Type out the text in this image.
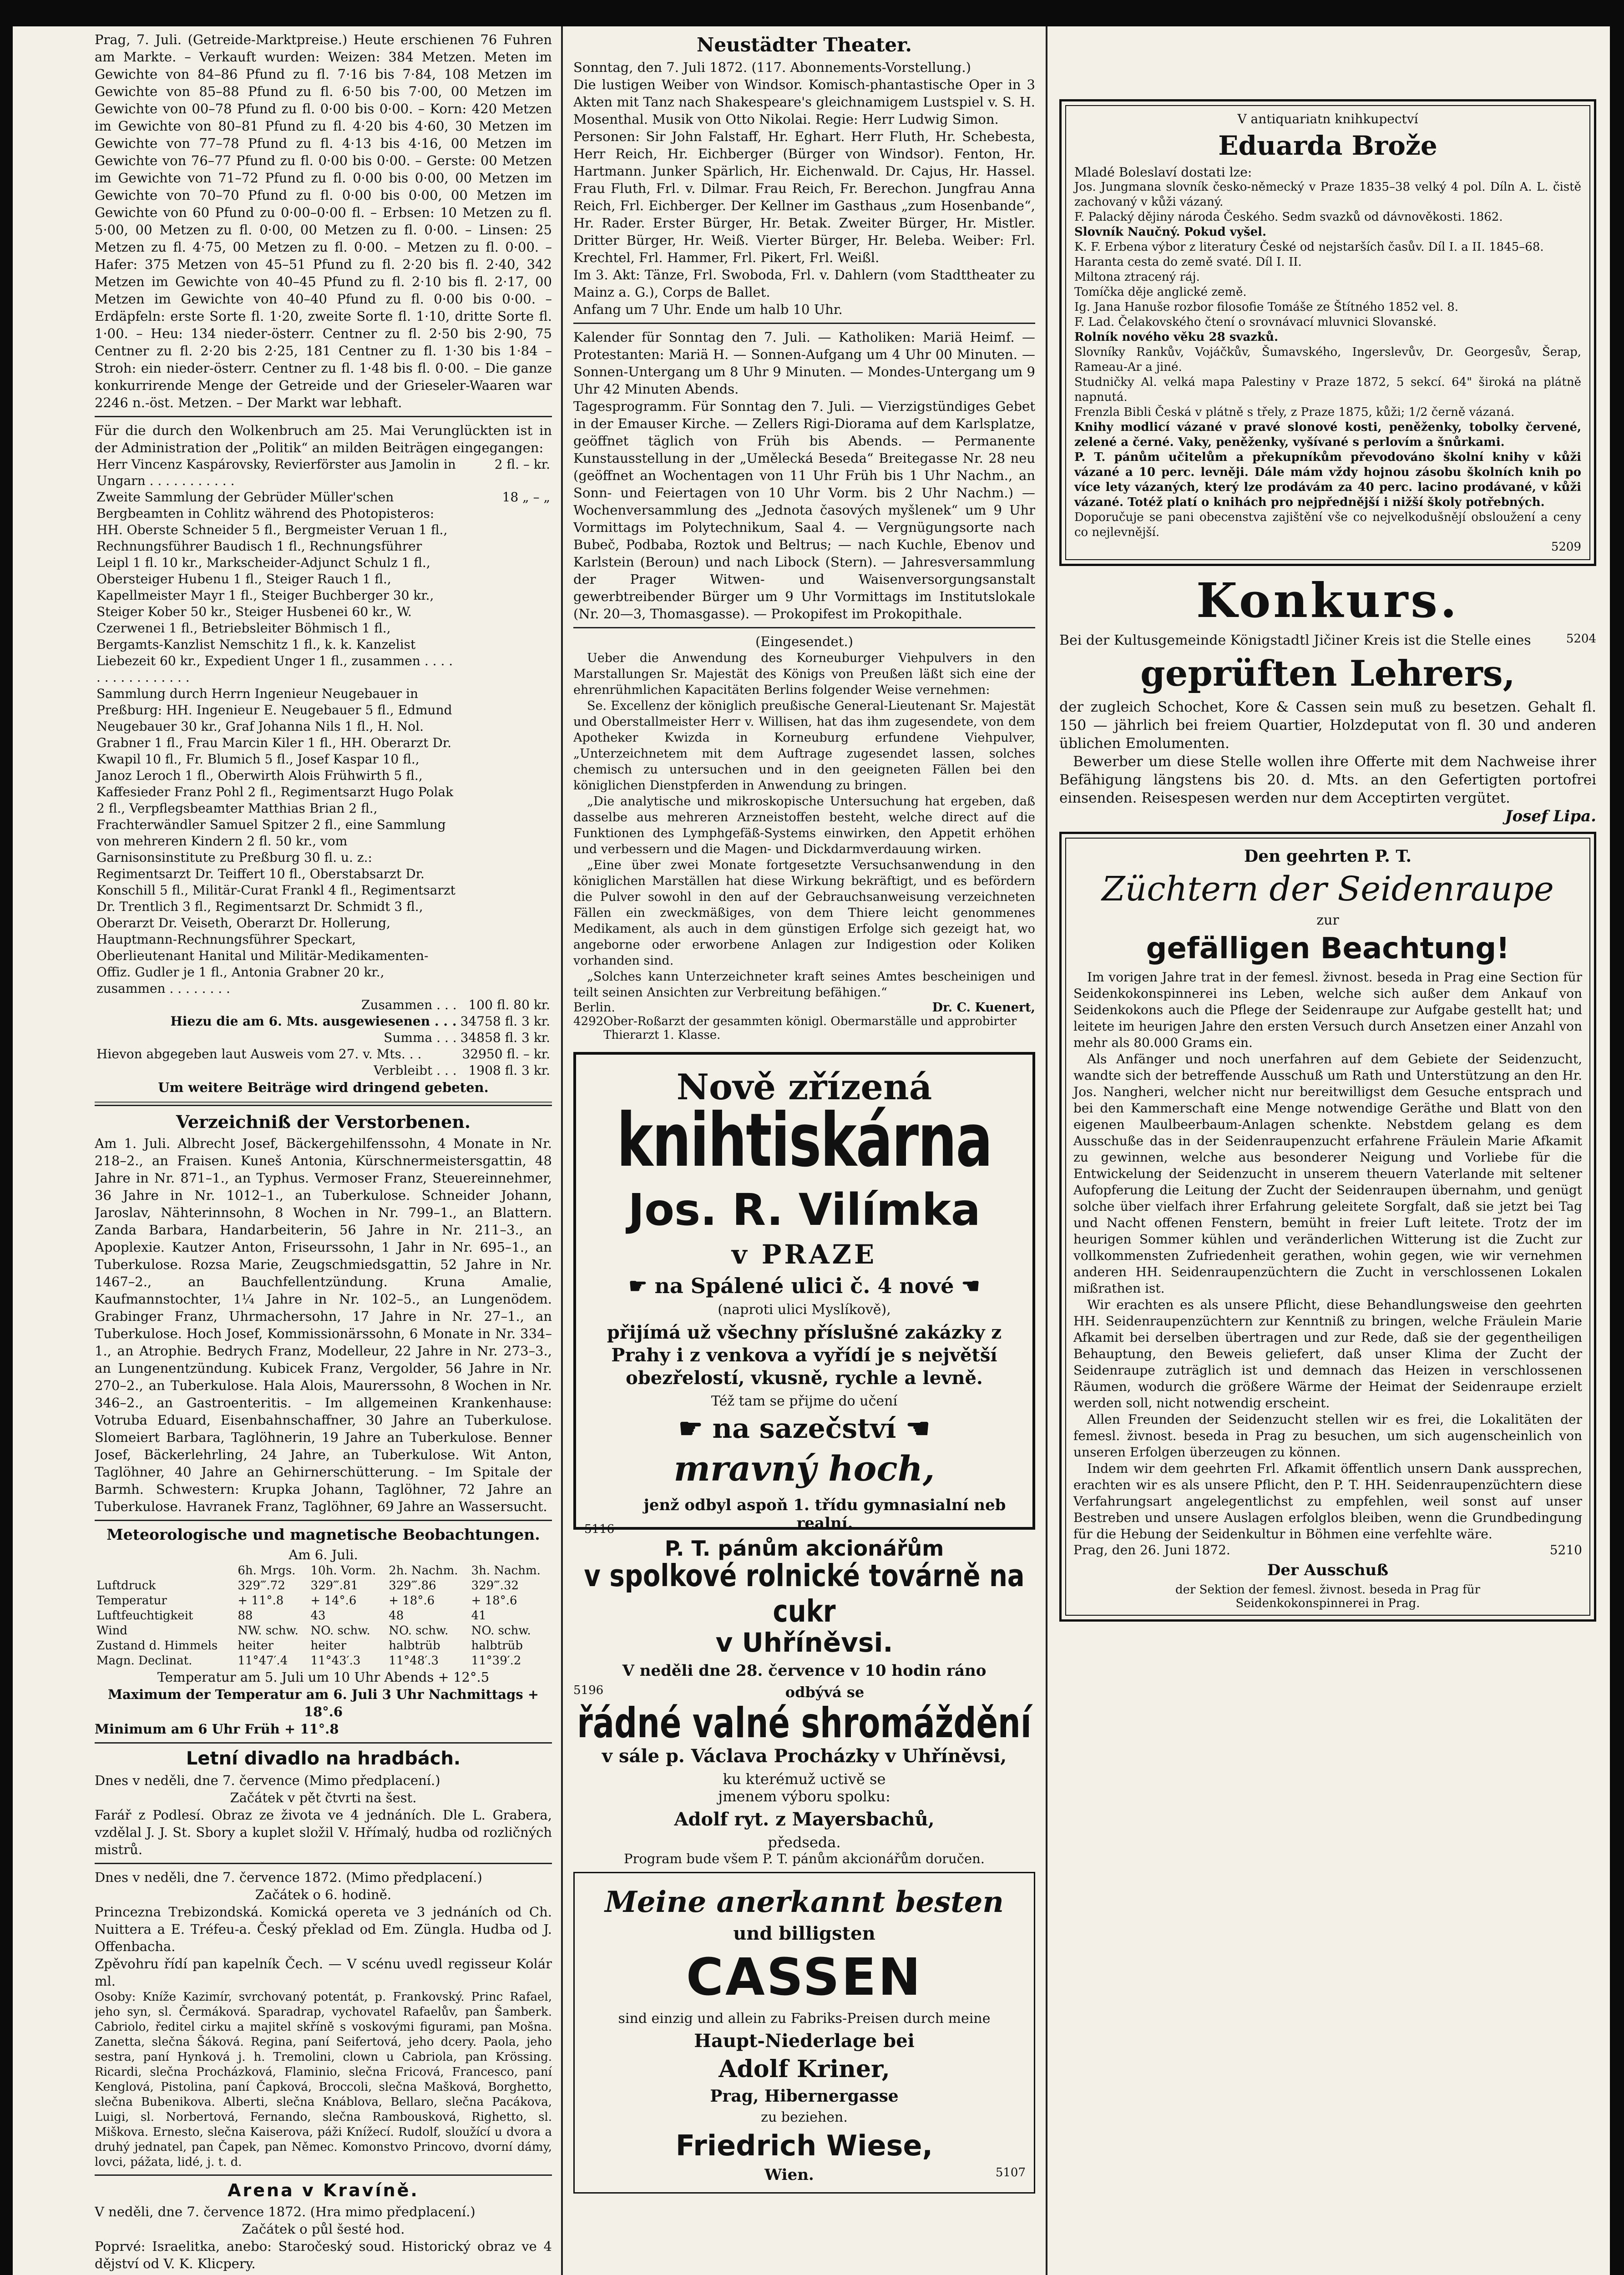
Prag, 7. Juli. (Getreide-Marktpreise.) Heute erschienen 76 Fuhren am Markte. – Verkauft wurden: Weizen: 384 Metzen. Meten im Gewichte von 84–86 Pfund zu fl. 7·16 bis 7·84, 108 Metzen im Gewichte von 85–88 Pfund zu fl. 6·50 bis 7·00, 00 Metzen im Gewichte von 00–78 Pfund zu fl. 0·00 bis 0·00. – Korn: 420 Metzen im Gewichte von 80–81 Pfund zu fl. 4·20 bis 4·60, 30 Metzen im Gewichte von 77–78 Pfund zu fl. 4·13 bis 4·16, 00 Metzen im Gewichte von 76–77 Pfund zu fl. 0·00 bis 0·00. – Gerste: 00 Metzen im Gewichte von 71–72 Pfund zu fl. 0·00 bis 0·00, 00 Metzen im Gewichte von 70–70 Pfund zu fl. 0·00 bis 0·00, 00 Metzen im Gewichte von 60 Pfund zu 0·00–0·00 fl. – Erbsen: 10 Metzen zu fl. 5·00, 00 Metzen zu fl. 0·00, 00 Metzen zu fl. 0·00. – Linsen: 25 Metzen zu fl. 4·75, 00 Metzen zu fl. 0·00. – Metzen zu fl. 0·00. – Hafer: 375 Metzen von 45–51 Pfund zu fl. 2·20 bis fl. 2·40, 342 Metzen im Gewichte von 40–45 Pfund zu fl. 2·10 bis fl. 2·17, 00 Metzen im Gewichte von 40–40 Pfund zu fl. 0·00 bis 0·00. – Erdäpfeln: erste Sorte fl. 1·20, zweite Sorte fl. 1·10, dritte Sorte fl. 1·00. – Heu: 134 nieder-österr. Centner zu fl. 2·50 bis 2·90, 75 Centner zu fl. 2·20 bis 2·25, 181 Centner zu fl. 1·30 bis 1·84 – Stroh: ein nieder-österr. Centner zu fl. 1·48 bis fl. 0·00. – Die ganze konkurrirende Menge der Getreide und der Grieseler-Waaren war 2246 n.-öst. Metzen. – Der Markt war lebhaft.

Für die durch den Wolkenbruch am 25. Mai Verunglückten ist in der Administration der „Politik“ an milden Beiträgen eingegangen:

Herr Vincenz Kaspárovsky, Revierförster aus Jamolin in Ungarn . . . . . . . . . . .	2 fl. – kr.
Zweite Sammlung der Gebrüder Müller'schen Bergbeamten in Cohlitz während des Photopisteros: HH. Oberste Schneider 5 fl., Bergmeister Veruan 1 fl., Rechnungsführer Baudisch 1 fl., Rechnungsführer Leipl 1 fl. 10 kr., Markscheider-Adjunct Schulz 1 fl., Obersteiger Hubenu 1 fl., Steiger Rauch 1 fl., Kapellmeister Mayr 1 fl., Steiger Buchberger 30 kr., Steiger Kober 50 kr., Steiger Husbenei 60 kr., W. Czerwenei 1 fl., Betriebsleiter Böhmisch 1 fl., Bergamts-Kanzlist Nemschitz 1 fl., k. k. Kanzelist Liebezeit 60 kr., Expedient Unger 1 fl., zusammen . . . . . . . . . . . . . . . .	18 „ – „
Sammlung durch Herrn Ingenieur Neugebauer in Preßburg: HH. Ingenieur E. Neugebauer 5 fl., Edmund Neugebauer 30 kr., Graf Johanna Nils 1 fl., H. Nol. Grabner 1 fl., Frau Marcin Kiler 1 fl., HH. Oberarzt Dr. Kwapil 10 fl., Fr. Blumich 5 fl., Josef Kaspar 10 fl., Janoz Leroch 1 fl., Oberwirth Alois Frühwirth 5 fl., Kaffesieder Franz Pohl 2 fl., Regimentsarzt Hugo Polak 2 fl., Verpflegsbeamter Matthias Brian 2 fl., Frachterwändler Samuel Spitzer 2 fl., eine Sammlung von mehreren Kindern 2 fl. 50 kr., vom Garnisonsinstitute zu Preßburg 30 fl. u. z.: Regimentsarzt Dr. Teiffert 10 fl., Oberstabsarzt Dr. Konschill 5 fl., Militär-Curat Frankl 4 fl., Regimentsarzt Dr. Trentlich 3 fl., Regimentsarzt Dr. Schmidt 3 fl., Oberarzt Dr. Veiseth, Oberarzt Dr. Hollerung, Hauptmann-Rechnungsführer Speckart, Oberlieutenant Hanital und Militär-Medikamenten-Offiz. Gudler je 1 fl., Antonia Grabner 20 kr., zusammen . . . . . . . .	
Zusammen . . .	100 fl. 80 kr.
Hiezu die am 6. Mts. ausgewiesenen . . .	34758 fl. 3 kr.
Summa . . .	34858 fl. 3 kr.
Hievon abgegeben laut Ausweis vom 27. v. Mts. . .	32950 fl. – kr.
Verbleibt . . .	1908 fl. 3 kr.

Um weitere Beiträge wird dringend gebeten.

Verzeichniß der Verstorbenen.

Am 1. Juli. Albrecht Josef, Bäckergehilfenssohn, 4 Monate in Nr. 218–2., an Fraisen. Kuneš Antonia, Kürschnermeistersgattin, 48 Jahre in Nr. 871–1., an Typhus. Vermoser Franz, Steuereinnehmer, 36 Jahre in Nr. 1012–1., an Tuberkulose. Schneider Johann, Jaroslav, Nähterinnsohn, 8 Wochen in Nr. 799–1., an Blattern. Zanda Barbara, Handarbeiterin, 56 Jahre in Nr. 211–3., an Apoplexie. Kautzer Anton, Friseurssohn, 1 Jahr in Nr. 695–1., an Tuberkulose. Rozsa Marie, Zeugschmiedsgattin, 52 Jahre in Nr. 1467–2., an Bauchfellentzündung. Kruna Amalie, Kaufmannstochter, 1¼ Jahre in Nr. 102–5., an Lungenödem. Grabinger Franz, Uhrmachersohn, 17 Jahre in Nr. 27–1., an Tuberkulose. Hoch Josef, Kommissionärssohn, 6 Monate in Nr. 334–1., an Atrophie. Bedrych Franz, Modelleur, 22 Jahre in Nr. 273–3., an Lungenentzündung. Kubicek Franz, Vergolder, 56 Jahre in Nr. 270–2., an Tuberkulose. Hala Alois, Maurerssohn, 8 Wochen in Nr. 346–2., an Gastroenteritis. – Im allgemeinen Krankenhause: Votruba Eduard, Eisenbahnschaffner, 30 Jahre an Tuberkulose. Slomeiert Barbara, Taglöhnerin, 19 Jahre an Tuberkulose. Benner Josef, Bäckerlehrling, 24 Jahre, an Tuberkulose. Wit Anton, Taglöhner, 40 Jahre an Gehirnerschütterung. – Im Spitale der Barmh. Schwestern: Krupka Johann, Taglöhner, 72 Jahre an Tuberkulose. Havranek Franz, Taglöhner, 69 Jahre an Wassersucht.

Meteorologische und magnetische Beobachtungen.
Am 6. Juli.
	6h. Mrgs.	10h. Vorm.	2h. Nachm.	3h. Nachm.
Luftdruck	329‴.72	329‴.81	329‴.86	329‴.32
Temperatur	+ 11°.8	+ 14°.6	+ 18°.6	+ 18°.6
Luftfeuchtigkeit	88	43	48	41
Wind	NW. schw.	NO. schw.	NO. schw.	NO. schw.
Zustand d. Himmels	heiter	heiter	halbtrüb	halbtrüb
Magn. Declinat.	11°47′.4	11°43′.3	11°48′.3	11°39′.2
Temperatur am 5. Juli um 10 Uhr Abends + 12°.5
Maximum der Temperatur am 6. Juli 3 Uhr Nachmittags + 18°.6
Minimum am 6 Uhr Früh + 11°.8
Letní divadlo na hradbách.

Dnes v neděli, dne 7. července (Mimo předplacení.)

Začátek v pět čtvrti na šest.

Farář z Podlesí. Obraz ze života ve 4 jednáních. Dle L. Grabera, vzdělal J. J. St. Sbory a kuplet složil V. Hřímalý, hudba od rozličných mistrů.

Dnes v neděli, dne 7. července 1872. (Mimo předplacení.)

Začátek o 6. hodině.

Princezna Trebizondská. Komická opereta ve 3 jednáních od Ch. Nuittera a E. Tréfeu-a. Český překlad od Em. Züngla. Hudba od J. Offenbacha.

Zpěvohru řídí pan kapelník Čech. — V scénu uvedl regisseur Kolár ml.

Osoby: Kníže Kazimír, svrchovaný potentát, p. Frankovský. Princ Rafael, jeho syn, sl. Čermáková. Sparadrap, vychovatel Rafaelův, pan Šamberk. Cabriolo, ředitel cirku a majitel skříně s voskovými figurami, pan Mošna. Zanetta, slečna Šáková. Regina, paní Seifertová, jeho dcery. Paola, jeho sestra, paní Hynková j. h. Tremolini, clown u Cabriola, pan Krössing. Ricardi, slečna Procházková, Flaminio, slečna Fricová, Francesco, paní Kenglová, Pistolina, paní Čapková, Broccoli, slečna Mašková, Borghetto, slečna Bubenikova. Alberti, slečna Knáblova, Bellaro, slečna Pacákova, Luigi, sl. Norbertová, Fernando, slečna Rambousková, Righetto, sl. Miškova. Ernesto, slečna Kaiserova, páži Knížecí. Rudolf, sloužící u dvora a druhý jednatel, pan Čapek, pan Němec. Komonstvo Princovo, dvorní dámy, lovci, pážata, lidé, j. t. d.

Arena v Kravíně.

V neděli, dne 7. července 1872. (Hra mimo předplacení.)

Začátek o půl šesté hod.

Poprvé: Israelitka, anebo: Staročeský soud. Historický obraz ve 4 dějství od V. K. Klicpery.

Neustädter Theater.

Sonntag, den 7. Juli 1872. (117. Abonnements-Vorstellung.)

Die lustigen Weiber von Windsor. Komisch-phantastische Oper in 3 Akten mit Tanz nach Shakespeare's gleichnamigem Lustspiel v. S. H. Mosenthal. Musik von Otto Nikolai. Regie: Herr Ludwig Simon.

Personen: Sir John Falstaff, Hr. Eghart. Herr Fluth, Hr. Schebesta, Herr Reich, Hr. Eichberger (Bürger von Windsor). Fenton, Hr. Hartmann. Junker Spärlich, Hr. Eichenwald. Dr. Cajus, Hr. Hassel. Frau Fluth, Frl. v. Dilmar. Frau Reich, Fr. Berechon. Jungfrau Anna Reich, Frl. Eichberger. Der Kellner im Gasthaus „zum Hosenbande“, Hr. Rader. Erster Bürger, Hr. Betak. Zweiter Bürger, Hr. Mistler. Dritter Bürger, Hr. Weiß. Vierter Bürger, Hr. Beleba. Weiber: Frl. Krechtel, Frl. Hammer, Frl. Pikert, Frl. Weißl.

Im 3. Akt: Tänze, Frl. Swoboda, Frl. v. Dahlern (vom Stadttheater zu Mainz a. G.), Corps de Ballet.

Anfang um 7 Uhr. Ende um halb 10 Uhr.

Kalender für Sonntag den 7. Juli. — Katholiken: Mariä Heimf. — Protestanten: Mariä H. — Sonnen-Aufgang um 4 Uhr 00 Minuten. — Sonnen-Untergang um 8 Uhr 9 Minuten. — Mondes-Untergang um 9 Uhr 42 Minuten Abends.

Tagesprogramm. Für Sonntag den 7. Juli. — Vierzigstündiges Gebet in der Emauser Kirche. — Zellers Rigi-Diorama auf dem Karlsplatze, geöffnet täglich von Früh bis Abends. — Permanente Kunstausstellung in der „Umělecká Beseda“ Breitegasse Nr. 28 neu (geöffnet an Wochentagen von 11 Uhr Früh bis 1 Uhr Nachm., an Sonn- und Feiertagen von 10 Uhr Vorm. bis 2 Uhr Nachm.) — Wochenversammlung des „Jednota časových myšlenek“ um 9 Uhr Vormittags im Polytechnikum, Saal 4. — Vergnügungsorte nach Bubeč, Podbaba, Roztok und Beltrus; — nach Kuchle, Ebenov und Karlstein (Beroun) und nach Libock (Stern). — Jahresversammlung der Prager Witwen- und Waisenversorgungsanstalt gewerbtreibender Bürger um 9 Uhr Vormittags im Institutslokale (Nr. 20—3, Thomasgasse). — Prokopifest im Prokopithale.

(Eingesendet.)

Ueber die Anwendung des Korneuburger Viehpulvers in den Marstallungen Sr. Majestät des Königs von Preußen läßt sich eine der ehrenrühmlichen Kapacitäten Berlins folgender Weise vernehmen:

Se. Excellenz der königlich preußische General-Lieutenant Sr. Majestät und Oberstallmeister Herr v. Willisen, hat das ihm zugesendete, von dem Apotheker Kwizda in Korneuburg erfundene Viehpulver, „Unterzeichnetem mit dem Auftrage zugesendet lassen, solches chemisch zu untersuchen und in den geeigneten Fällen bei den königlichen Dienstpferden in Anwendung zu bringen.

„Die analytische und mikroskopische Untersuchung hat ergeben, daß dasselbe aus mehreren Arzneistoffen besteht, welche direct auf die Funktionen des Lymphgefäß-Systems einwirken, den Appetit erhöhen und verbessern und die Magen- und Dickdarmverdauung wirken.

„Eine über zwei Monate fortgesetzte Versuchsanwendung in den königlichen Marställen hat diese Wirkung bekräftigt, und es befördern die Pulver sowohl in den auf der Gebrauchsanweisung verzeichneten Fällen ein zweckmäßiges, von dem Thiere leicht genommenes Medikament, als auch in dem günstigen Erfolge sich gezeigt hat, wo angeborne oder erworbene Anlagen zur Indigestion oder Koliken vorhanden sind.

„Solches kann Unterzeichneter kraft seines Amtes bescheinigen und teilt seinen Ansichten zur Verbreitung befähigen.“

Berlin.	Dr. C. Kuenert,
4292 Ober-Roßarzt der gesammten königl. Obermarställe und approbirter Thierarzt 1. Klasse.
Nově zřízená
knihtiskárna
Jos. R. Vilímka
v PRAZE
☛ na Spálené ulici č. 4 nové ☚
(naproti ulici Myslíkově),
přijímá už všechny příslušné zakázky z Prahy i z venkova a vyřídí je s největší obezřelostí, vkusně, rychle a levně.
Též tam se přijme do učení
☛ na sazečství ☚
mravný hoch,
5116
jenž odbyl aspoň 1. třídu gymnasialní neb realní.
P. T. pánům akcionářům
v spolkové rolnické továrně na cukr
v Uhříněvsi.
V neděli dne 28. července v 10 hodin ráno
5196	odbývá se
řádné valné shromáždění
v sále p. Václava Procházky v Uhříněvsi,
ku kterémuž uctivě se
jmenem výboru spolku:
Adolf ryt. z Mayersbachů,
předseda.
Program bude všem P. T. pánům akcionářům doručen.
Meine anerkannt besten
und billigsten
CASSEN
sind einzig und allein zu Fabriks-Preisen durch meine
Haupt-Niederlage bei
Adolf Kriner,
Prag, Hibernergasse
zu beziehen.
Friedrich Wiese,
Wien.	5107
V antiquariatn knihkupectví
Eduarda Brože
Mladé Boleslaví dostati lze:

Jos. Jungmana slovník česko-německý v Praze 1835–38 velký 4 pol. Díln A. L. čistě zachovaný v kůži vázaný.

F. Palacký dějiny národa Českého. Sedm svazků od dávnověkosti. 1862.

Slovník Naučný. Pokud vyšel.

K. F. Erbena výbor z literatury České od nejstarších časův. Díl I. a II. 1845–68.

Haranta cesta do země svaté. Díl I. II.

Miltona ztracený ráj.

Tomíčka děje anglické země.

Ig. Jana Hanuše rozbor filosofie Tomáše ze Štítného 1852 vel. 8.

F. Lad. Čelakovského čtení o srovnávací mluvnici Slovanské.

Rolník nového věku 28 svazků.

Slovníky Rankův, Vojáčkův, Šumavského, Ingerslevův, Dr. Georgesův, Šerap, Rameau-Ar a jiné.

Studničky Al. velká mapa Palestiny v Praze 1872, 5 sekcí. 64" široká na plátně napnutá.

Frenzla Bibli Česká v plátně s třely, z Praze 1875, kůži; 1/2 černě vázaná.

Knihy modlicí vázané v pravé slonové kosti, peněženky, tobolky červené, zelené a černé. Vaky, peněženky, vyšívané s perlovím a šnůrkami.

P. T. pánům učitelům a překupníkům převodováno školní knihy v kůži vázané a 10 perc. levněji. Dále mám vždy hojnou zásobu školních knih po více lety vázaných, který lze prodávám za 40 perc. lacino prodávané, v kůži vázané. Totéž platí o knihách pro nejpřednější i nižší školy potřebných.

Doporučuje se pani obecenstva zajištění vše co nejvelkodušnějí obsloužení a ceny co nejlevnější.

5209
Konkurs.
Bei der Kultusgemeinde Königstadtl Jičiner Kreis ist die Stelle eines	5204
geprüften Lehrers,

der zugleich Schochet, Kore & Cassen sein muß zu besetzen. Gehalt fl. 150 — jährlich bei freiem Quartier, Holzdeputat von fl. 30 und anderen üblichen Emolumenten.

Bewerber um diese Stelle wollen ihre Offerte mit dem Nachweise ihrer Befähigung längstens bis 20. d. Mts. an den Gefertigten portofrei einsenden. Reisespesen werden nur dem Acceptirten vergütet.

Josef Lipa.
Den geehrten P. T.
Züchtern der Seidenraupe
zur
gefälligen Beachtung!

Im vorigen Jahre trat in der femesl. živnost. beseda in Prag eine Section für Seidenkokonspinnerei ins Leben, welche sich außer dem Ankauf von Seidenkokons auch die Pflege der Seidenraupe zur Aufgabe gestellt hat; und leitete im heurigen Jahre den ersten Versuch durch Ansetzen einer Anzahl von mehr als 80.000 Grams ein.

Als Anfänger und noch unerfahren auf dem Gebiete der Seidenzucht, wandte sich der betreffende Ausschuß um Rath und Unterstützung an den Hr. Jos. Nangheri, welcher nicht nur bereitwilligst dem Gesuche entsprach und bei den Kammerschaft eine Menge notwendige Geräthe und Blatt von den eigenen Maulbeerbaum-Anlagen schenkte. Nebstdem gelang es dem Ausschuße das in der Seidenraupenzucht erfahrene Fräulein Marie Afkamit zu gewinnen, welche aus besonderer Neigung und Vorliebe für die Entwickelung der Seidenzucht in unserem theuern Vaterlande mit seltener Aufopferung die Leitung der Zucht der Seidenraupen übernahm, und genügt solche über vielfach ihrer Erfahrung geleitete Sorgfalt, daß sie jetzt bei Tag und Nacht offenen Fenstern, bemüht in freier Luft leitete. Trotz der im heurigen Sommer kühlen und veränderlichen Witterung ist die Zucht zur vollkommensten Zufriedenheit gerathen, wohin gegen, wie wir vernehmen anderen HH. Seidenraupenzüchtern die Zucht in verschlossenen Lokalen mißrathen ist.

Wir erachten es als unsere Pflicht, diese Behandlungsweise den geehrten HH. Seidenraupenzüchtern zur Kenntniß zu bringen, welche Fräulein Marie Afkamit bei derselben übertragen und zur Rede, daß sie der gegentheiligen Behauptung, den Beweis geliefert, daß unser Klima der Zucht der Seidenraupe zuträglich ist und demnach das Heizen in verschlossenen Räumen, wodurch die größere Wärme der Heimat der Seidenraupe erzielt werden soll, nicht notwendig erscheint.

Allen Freunden der Seidenzucht stellen wir es frei, die Lokalitäten der femesl. živnost. beseda in Prag zu besuchen, um sich augenscheinlich von unseren Erfolgen überzeugen zu können.

Indem wir dem geehrten Frl. Afkamit öffentlich unsern Dank aussprechen, erachten wir es als unsere Pflicht, den P. T. HH. Seidenraupenzüchtern diese Verfahrungsart angelegentlichst zu empfehlen, weil sonst auf unser Bestreben und unsere Auslagen erfolglos bleiben, wenn die Grundbedingung für die Hebung der Seidenkultur in Böhmen eine verfehlte wäre.

Prag, den 26. Juni 1872.	5210
Der Ausschuß
der Sektion der femesl. živnost. beseda in Prag für
Seidenkokonspinnerei in Prag.
